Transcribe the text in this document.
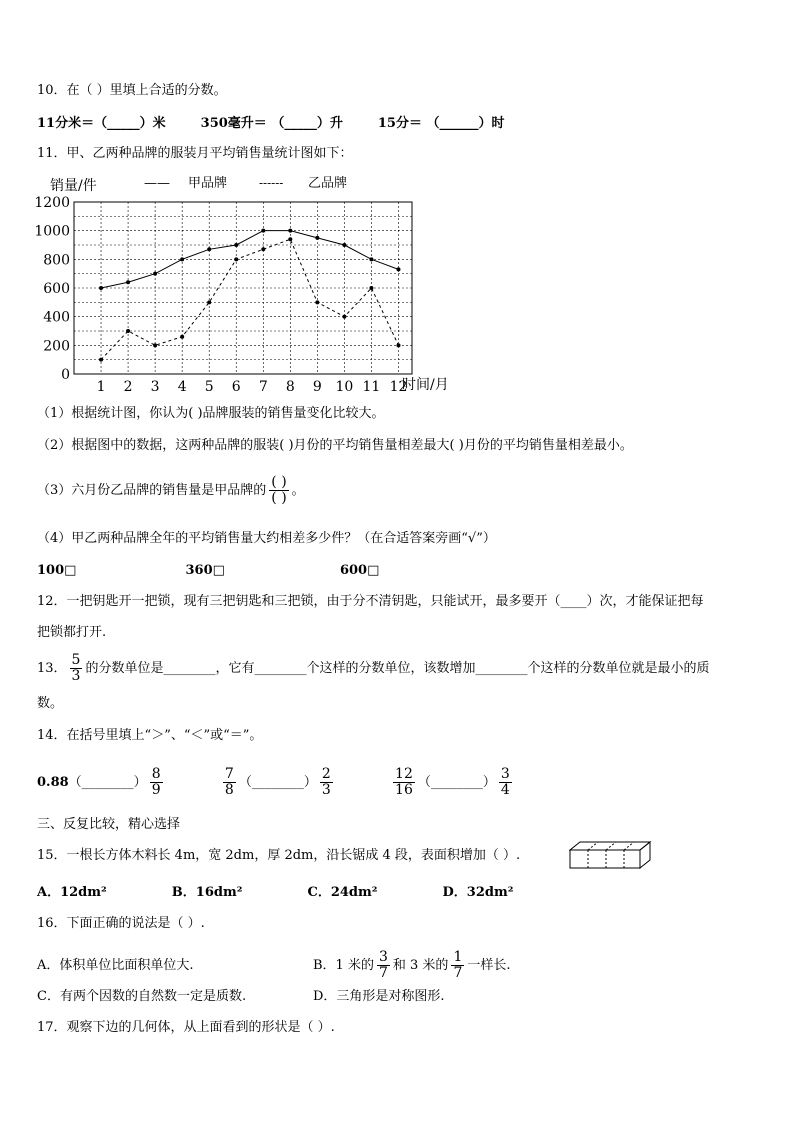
10．在（ ）里填上合适的分数。
11分米＝（_____）米	350毫升＝ （_____）升	15分＝ （______）时
11．甲、乙两种品牌的服装月平均销售量统计图如下：
0
200
400
600
800
1000
1200
1 2 3 4 5 6 7 8 9 10 11 12
销量/件
时间/月
—— 甲品牌	------ 乙品牌
（1）根据统计图，你认为( )品牌服装的销售量变化比较大。
（2）根据图中的数据，这两种品牌的服装( )月份的平均销售量相差最大( )月份的平均销售量相差最小。
（3）六月份乙品牌的销售量是甲品牌的 $\frac{( )}{( )}$ 。
（4）甲乙两种品牌全年的平均销售量大约相差多少件？（在合适答案旁画“√”）
100□	360□	600□
12．一把钥匙开一把锁，现有三把钥匙和三把锁，由于分不清钥匙，只能试开，最多要开（____）次，才能保证把每
把锁都打开.
13． $\frac{5}{3}$ 的分数单位是________，它有________个这样的分数单位，该数增加________个这样的分数单位就是最小的质
数。
14．在括号里填上“＞”、“＜”或“＝”。
0.88（________） $\frac{8}{9}$
	$\frac{7}{8}$ （________） $\frac{2}{3}$
	$\frac{12}{16}$ （________） $\frac{3}{4}$
三、反复比较，精心选择
15．一根长方体木料长 4m，宽 2dm，厚 2dm，沿长锯成 4 段，表面积增加（ ）.
A．12dm²	B．16dm²	C．24dm²	D．32dm²
16．下面正确的说法是（ ）.
A．体积单位比面积单位大.	B．1 米的 $\frac{3}{7}$ 和 3 米的 $\frac{1}{7}$ 一样长.
C．有两个因数的自然数一定是质数.	D．三角形是对称图形.
17．观察下边的几何体，从上面看到的形状是（ ）.
